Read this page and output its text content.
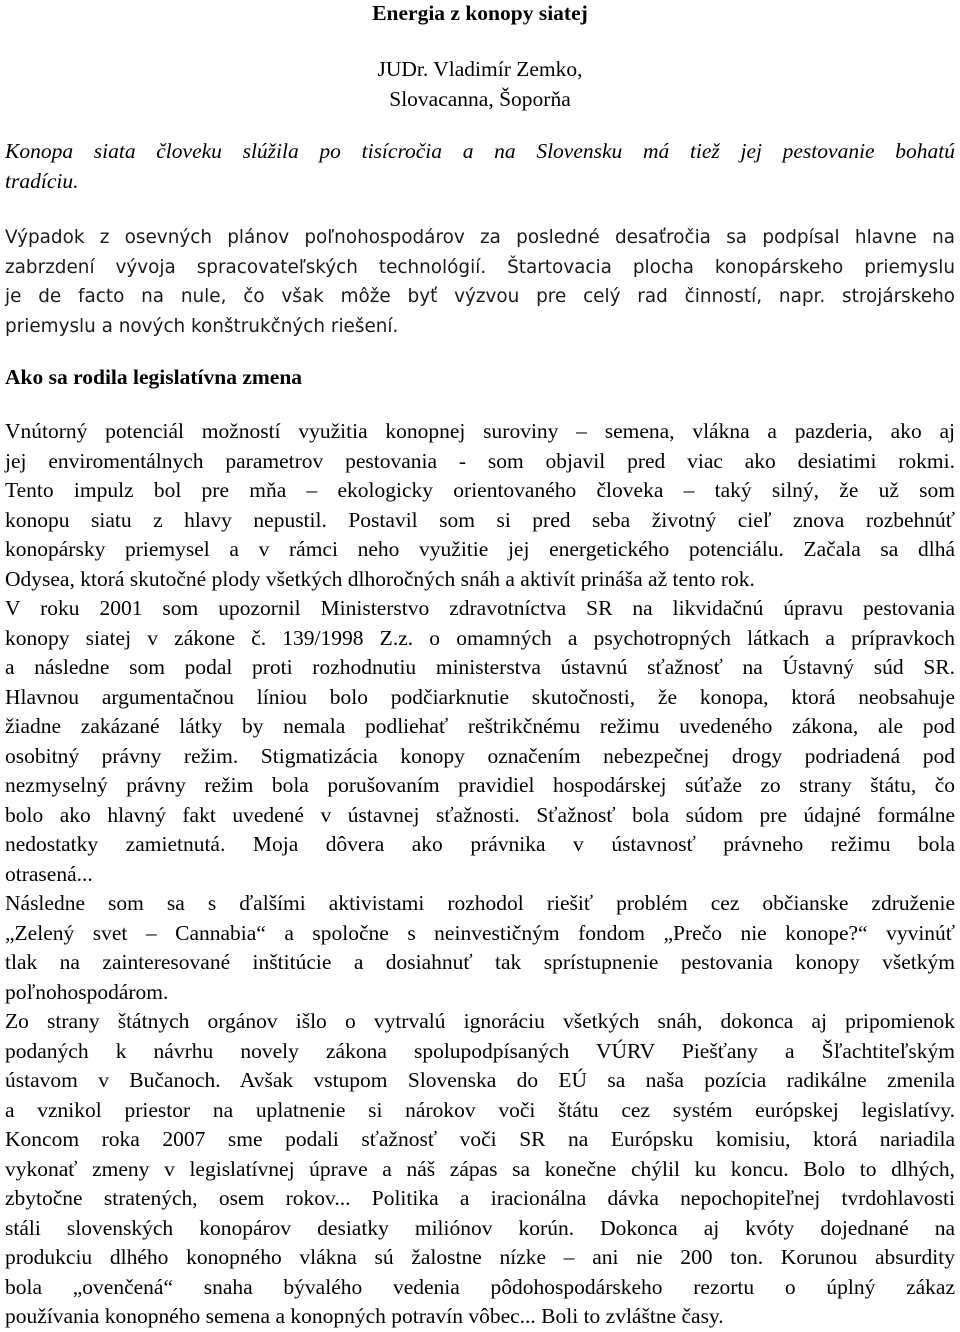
Energia z konopy siatej
JUDr. Vladimír Zemko,
Slovacanna, Šoporňa
Konopa siata človeku slúžila po tisícročia a na Slovensku má tiež jej pestovanie bohatú
tradíciu.
Výpadok z osevných plánov poľnohospodárov za posledné desaťročia sa podpísal hlavne na
zabrzdení vývoja spracovateľských technológií. Štartovacia plocha konopárskeho priemyslu
je de facto na nule, čo však môže byť výzvou pre celý rad činností, napr. strojárskeho
priemyslu a nových konštrukčných riešení.
Ako sa rodila legislatívna zmena
Vnútorný potenciál možností využitia konopnej suroviny – semena, vlákna a pazderia, ako aj
jej enviromentálnych parametrov pestovania - som objavil pred viac ako desiatimi rokmi.
Tento impulz bol pre mňa – ekologicky orientovaného človeka – taký silný, že už som
konopu siatu z hlavy nepustil. Postavil som si pred seba životný cieľ znova rozbehnúť
konopársky priemysel a v rámci neho využitie jej energetického potenciálu. Začala sa dlhá
Odysea, ktorá skutočné plody všetkých dlhoročných snáh a aktivít prináša až tento rok.
V roku 2001 som upozornil Ministerstvo zdravotníctva SR na likvidačnú úpravu pestovania
konopy siatej v zákone č. 139/1998 Z.z. o omamných a psychotropných látkach a prípravkoch
a následne som podal proti rozhodnutiu ministerstva ústavnú sťažnosť na Ústavný súd SR.
Hlavnou argumentačnou líniou bolo podčiarknutie skutočnosti, že konopa, ktorá neobsahuje
žiadne zakázané látky by nemala podliehať reštrikčnému režimu uvedeného zákona, ale pod
osobitný právny režim. Stigmatizácia konopy označením nebezpečnej drogy podriadená pod
nezmyselný právny režim bola porušovaním pravidiel hospodárskej súťaže zo strany štátu, čo
bolo ako hlavný fakt uvedené v ústavnej sťažnosti. Sťažnosť bola súdom pre údajné formálne
nedostatky zamietnutá. Moja dôvera ako právnika v ústavnosť právneho režimu bola
otrasená...
Následne som sa s ďalšími aktivistami rozhodol riešiť problém cez občianske združenie
„Zelený svet – Cannabia“ a spoločne s neinvestičným fondom „Prečo nie konope?“ vyvinúť
tlak na zainteresované inštitúcie a dosiahnuť tak sprístupnenie pestovania konopy všetkým
poľnohospodárom.
Zo strany štátnych orgánov išlo o vytrvalú ignoráciu všetkých snáh, dokonca aj pripomienok
podaných k návrhu novely zákona spolupodpísaných VÚRV Piešťany a Šľachtiteľským
ústavom v Bučanoch. Avšak vstupom Slovenska do EÚ sa naša pozícia radikálne zmenila
a vznikol priestor na uplatnenie si nárokov voči štátu cez systém európskej legislatívy.
Koncom roka 2007 sme podali sťažnosť voči SR na Európsku komisiu, ktorá nariadila
vykonať zmeny v legislatívnej úprave a náš zápas sa konečne chýlil ku koncu. Bolo to dlhých,
zbytočne stratených, osem rokov... Politika a iracionálna dávka nepochopiteľnej tvrdohlavosti
stáli slovenských konopárov desiatky miliónov korún. Dokonca aj kvóty dojednané na
produkciu dlhého konopného vlákna sú žalostne nízke – ani nie 200 ton. Korunou absurdity
bola „ovenčená“ snaha bývalého vedenia pôdohospodárskeho rezortu o úplný zákaz
používania konopného semena a konopných potravín vôbec... Boli to zvláštne časy.
